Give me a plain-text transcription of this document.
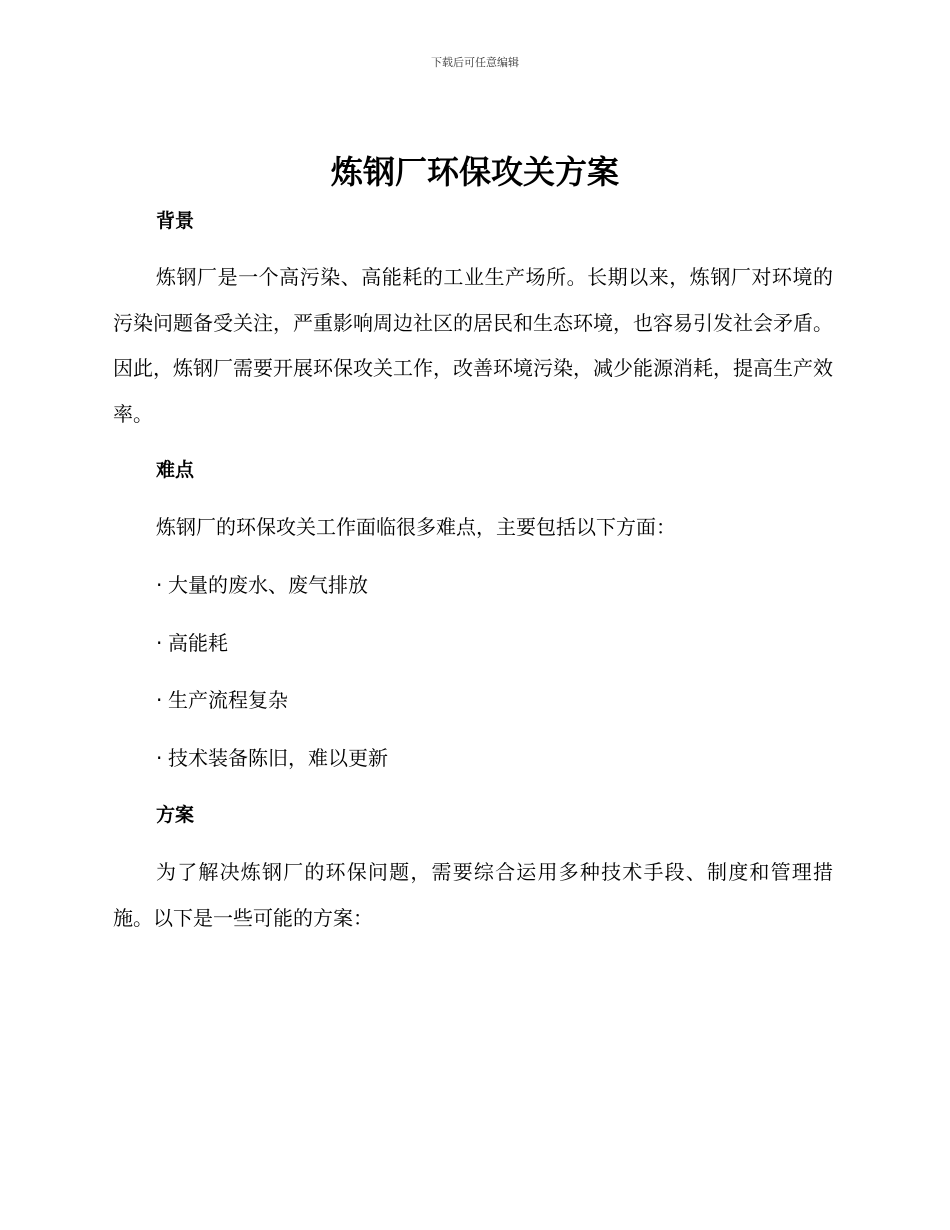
下载后可任意编辑
炼钢厂环保攻关方案
背景

炼钢厂是一个高污染、高能耗的工业生产场所。长期以来，炼钢厂对环境的污染问题备受关注，严重影响周边社区的居民和生态环境，也容易引发社会矛盾。因此，炼钢厂需要开展环保攻关工作，改善环境污染，减少能源消耗，提高生产效率。

难点

炼钢厂的环保攻关工作面临很多难点，主要包括以下方面：

· 大量的废水、废气排放
· 高能耗
· 生产流程复杂
· 技术装备陈旧，难以更新
方案

为了解决炼钢厂的环保问题，需要综合运用多种技术手段、制度和管理措施。以下是一些可能的方案：
